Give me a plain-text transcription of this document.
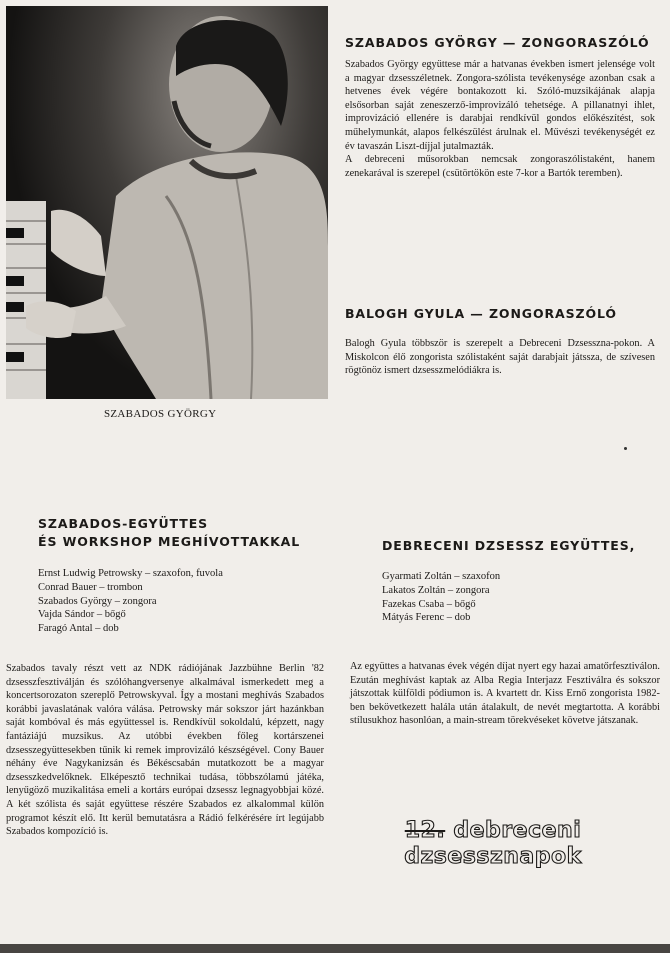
SZABADOS GYÖRGY
SZABADOS GYÖRGY — ZONGORASZÓLÓ

Szabados György együttese már a hatvanas években ismert jelensége volt a magyar dzsesszéletnek. Zongora-szólista tevékenysége azonban csak a hetvenes évek végére bontakozott ki. Szóló-muzsikájának alapja elsősorban saját zeneszerző-improvizáló tehetsége. A pillanatnyi ihlet, improvizáció ellenére is darabjai rendkívül gondos előkészítést, sok műhelymunkát, alapos felkészülést árulnak el. Művészi tevékenységét ez év tavaszán Liszt-díjjal jutalmazták.

A debreceni műsorokban nemcsak zongoraszólistaként, hanem zenekarával is szerepel (csütörtökön este 7-kor a Bartók teremben).

BALOGH GYULA — ZONGORASZÓLÓ

Balogh Gyula többször is szerepelt a Debreceni Dzsesszna-pokon. A Miskolcon élő zongorista szólistaként saját darabjait játssza, de szívesen rögtönöz ismert dzsesszmelódiákra is.

SZABADOS-EGYÜTTES
ÉS WORKSHOP MEGHÍVOTTAKKAL
Ernst Ludwig Petrowsky – szaxofon, fuvola
Conrad Bauer – trombon
Szabados György – zongora
Vajda Sándor – bőgő
Faragó Antal – dob

Szabados tavaly részt vett az NDK rádiójának Jazzbühne Berlin '82 dzsesszfesztiválján és szólóhangversenye alkalmával ismerkedett meg a koncertsorozaton szereplő Petrowskyval. Így a mostani meghívás Szabados korábbi javaslatának valóra válása. Petrowsky már sokszor járt hazánkban saját kombóval és más együttessel is. Rendkívül sokoldalú, képzett, nagy fantáziájú muzsikus. Az utóbbi években főleg kortárszenei dzsesszegyüttesekben tűnik ki remek improvizáló készségével. Cony Bauer néhány éve Nagykanizsán és Békéscsabán mutatkozott be a magyar dzsesszkedvelőknek. Elképesztő technikai tudása, többszólamú játéka, lenyűgöző muzikalitása emeli a kortárs európai dzsessz legnagyobbjai közé. A két szólista és saját együttese részére Szabados ez alkalommal külön programot készít elő. Itt kerül bemutatásra a Rádió felkérésére írt legújabb Szabados kompozíció is.

DEBRECENI DZSESSZ EGYÜTTES,
Gyarmati Zoltán – szaxofon
Lakatos Zoltán – zongora
Fazekas Csaba – bőgő
Mátyás Ferenc – dob

Az együttes a hatvanas évek végén díjat nyert egy hazai amatőrfesztiválon. Ezután meghívást kaptak az Alba Regia Interjazz Fesztiválra és sokszor játszottak külföldi pódiumon is. A kvartett dr. Kiss Ernő zongorista 1982-ben bekövetkezett halála után átalakult, de nevét megtartotta. A korábbi stílusukhoz hasonlóan, a main-stream törekvéseket követve játszanak.

12. debreceni
dzsessznapok
